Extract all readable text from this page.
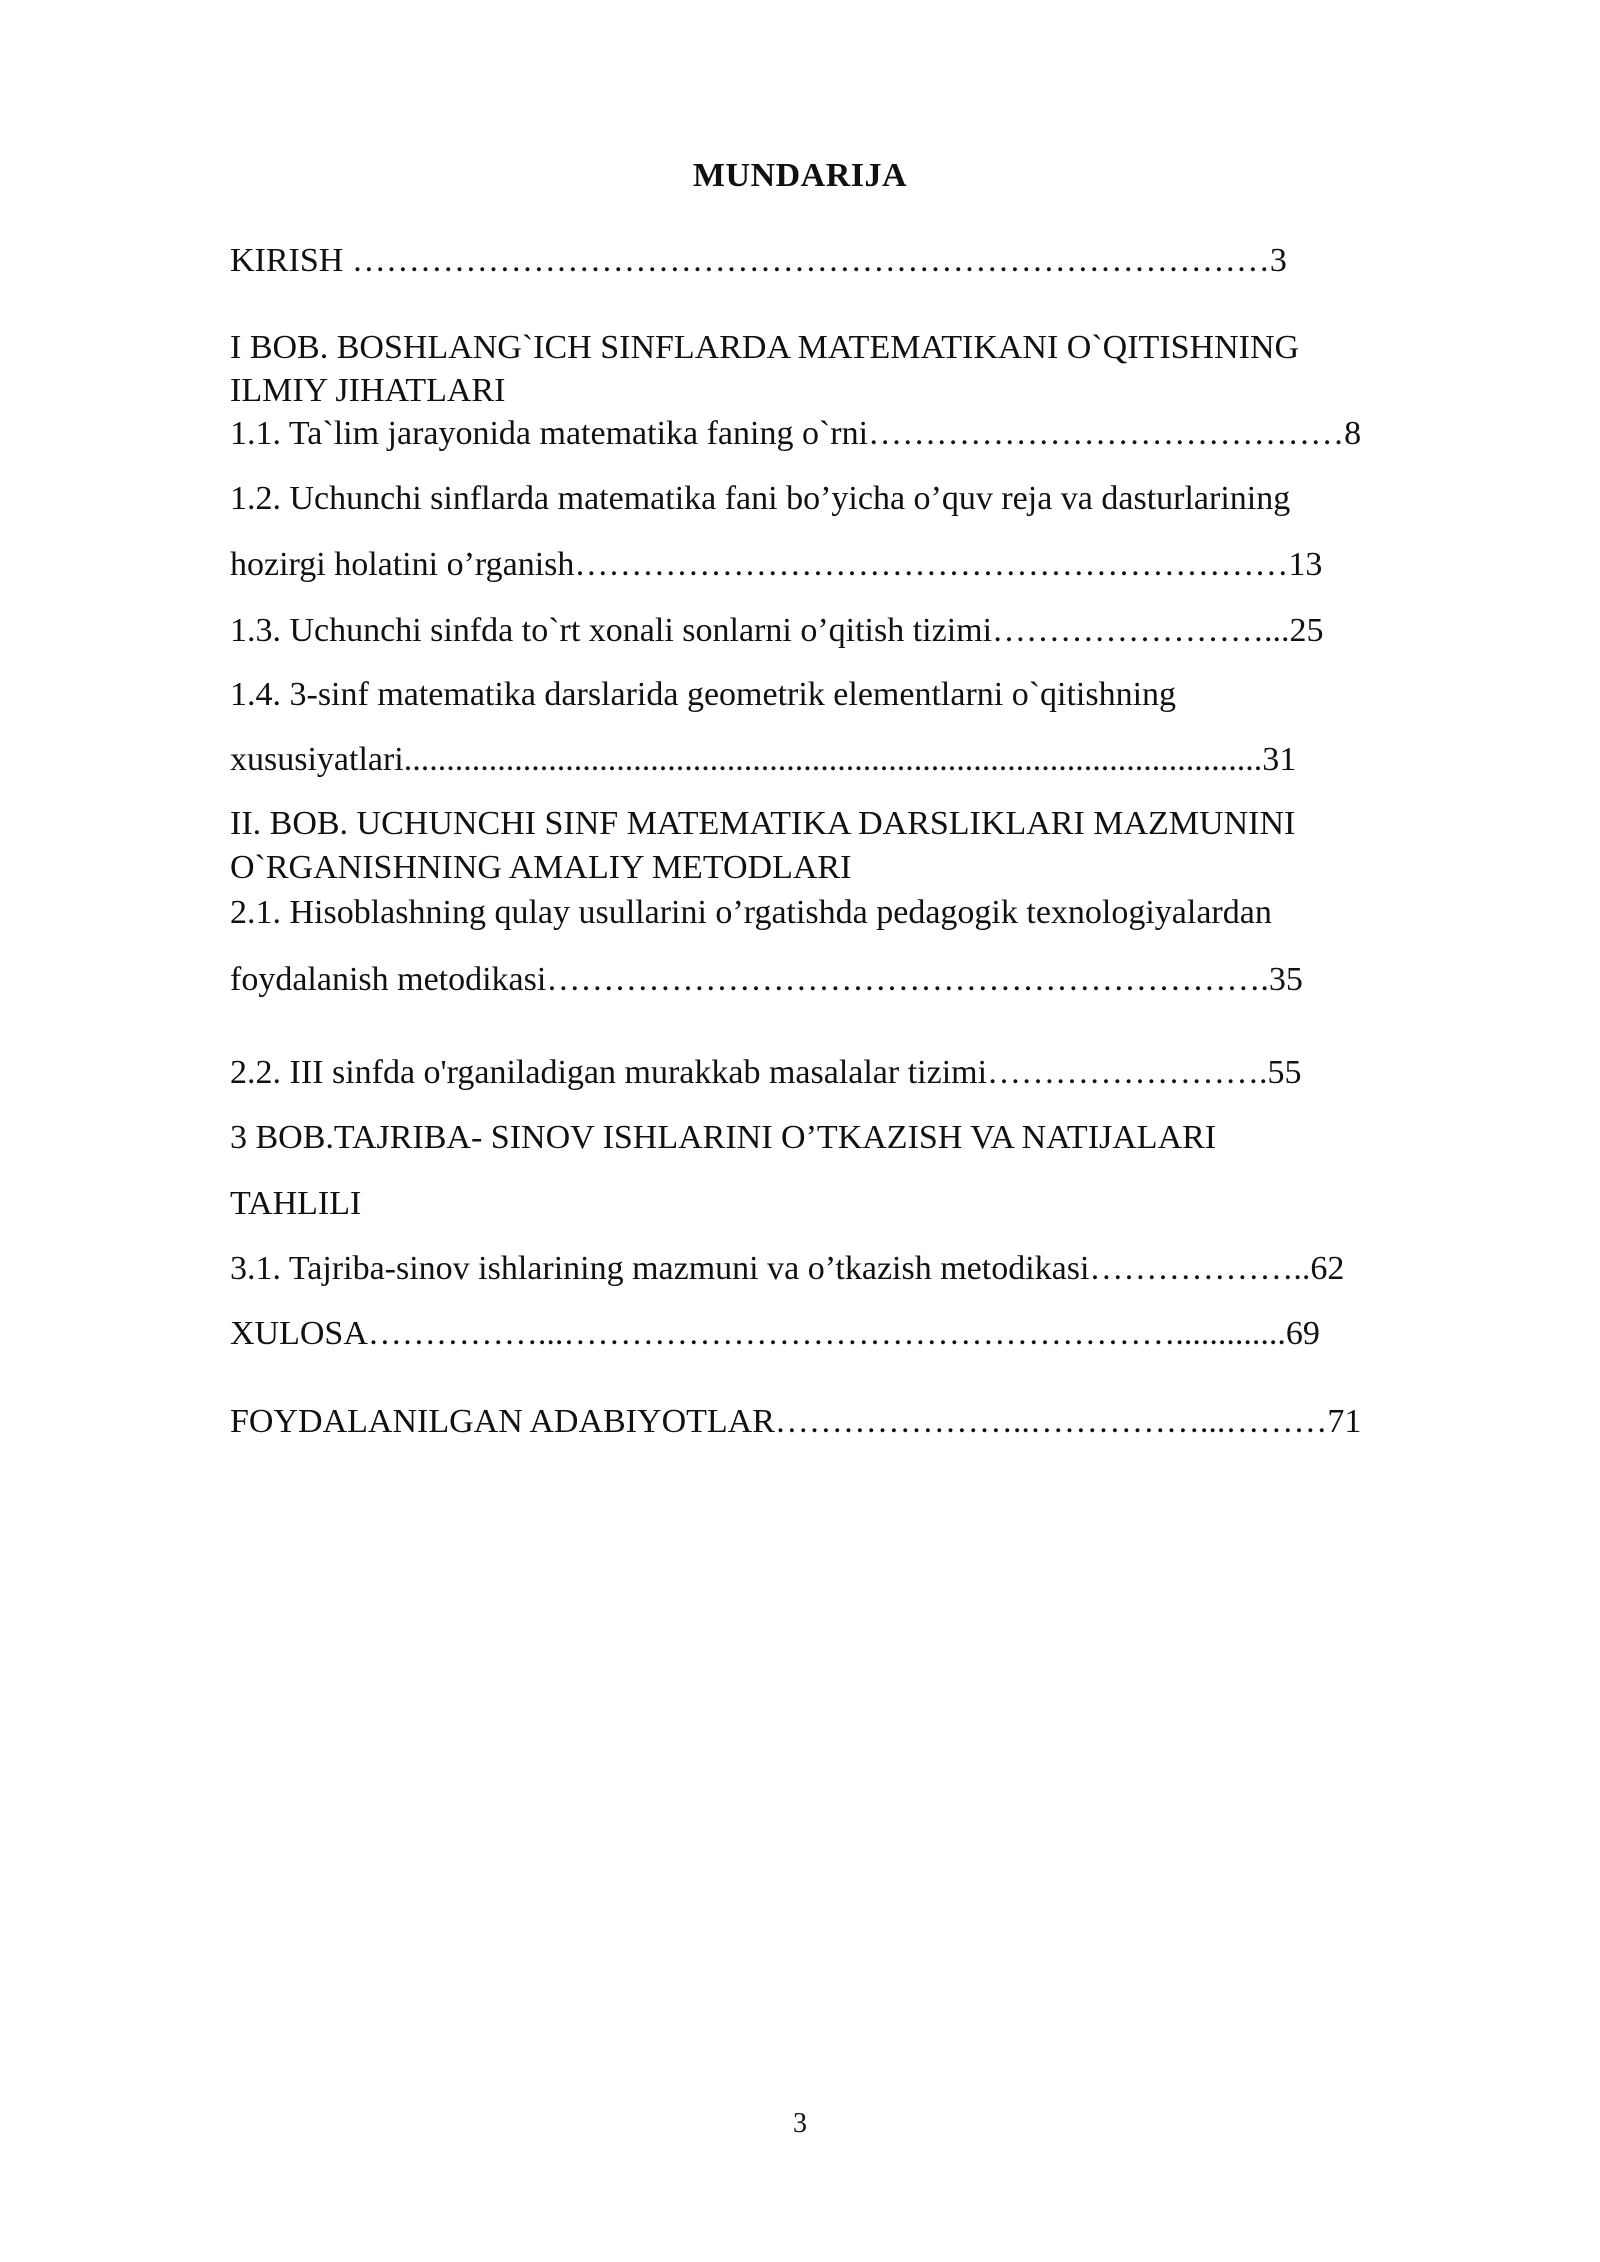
MUNDARIJA
KIRISH ………………………………………………………………………3
I BOB. BOSHLANG`ICH SINFLARDA MATEMATIKANI O`QITISHNING
ILMIY JIHATLARI
1.1. Ta`lim jarayonida matematika faning o`rni……………………………………8
1.2. Uchunchi sinflarda matematika fani bo’yicha o’quv reja va dasturlarining
hozirgi holatini o’rganish………………………………………………………13
1.3. Uchunchi sinfda to`rt xonali sonlarni o’qitish tizimi……………………...25
1.4. 3-sinf matematika darslarida geometrik elementlarni o`qitishning
xususiyatlari.....................................................................................................31
II. BOB. UCHUNCHI SINF MATEMATIKA DARSLIKLARI MAZMUNINI
O`RGANISHNING AMALIY METODLARI
2.1. Hisoblashning qulay usullarini o’rgatishda pedagogik texnologiyalardan
foydalanish metodikasi……………………………………………………….35
2.2. III sinfda o'rganiladigan murakkab masalalar tizimi…………………….55
3 BOB.TAJRIBA- SINOV ISHLARINI O’TKAZISH VA NATIJALARI
TAHLILI
3.1. Tajriba-sinov ishlarining mazmuni va o’tkazish metodikasi………………..62
XULOSA……………...……………………………………………….............69
FOYDALANILGAN ADABIYOTLAR…………………..……………...………71
3
